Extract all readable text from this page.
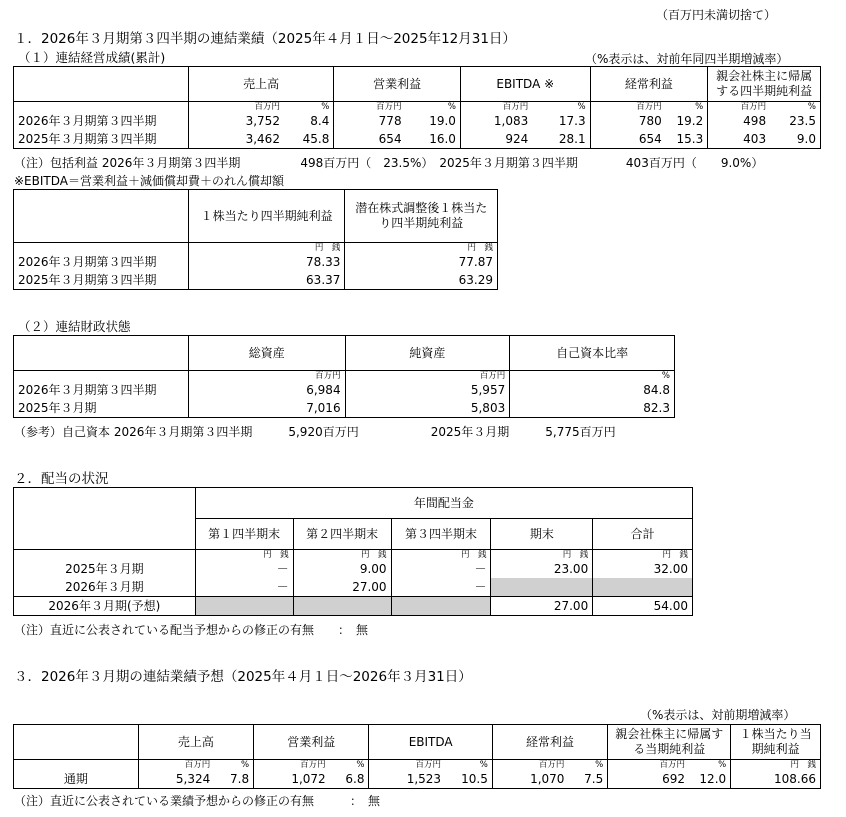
（百万円未満切捨て）
１．2026年３月期第３四半期の連結業績（2025年４月１日～2025年12月31日）
（１）連結経営成績(累計)	（%表示は、対前年同四半期増減率）
	売上高		営業利益		EBITDA ※		経常利益		親会社株主に帰属する四半期純利益	
	百万円	%	百万円	%	百万円	%	百万円	%	百万円	%
2026年３月期第３四半期	3,752	8.4	778	19.0	1,083	17.3	780	19.2	498	23.5
2025年３月期第３四半期	3,462	45.8	654	16.0	924	28.1	654	15.3	403	9.0
（注）包括利益 2026年３月期第３四半期　　　　　498百万円（　23.5%）　2025年３月期第３四半期　　　　403百万円（　　9.0%）
※EBITDA＝営業利益＋減価償却費＋のれん償却額
	１株当たり四半期純利益	潜在株式調整後１株当たり四半期純利益
	円　銭	円　銭
2026年３月期第３四半期	78.33	77.87
2025年３月期第３四半期	63.37	63.29
（２）連結財政状態
	総資産	純資産	自己資本比率
	百万円	百万円	%
2026年３月期第３四半期	6,984	5,957	84.8
2025年３月期	7,016	5,803	82.3
（参考）自己資本 2026年３月期第３四半期　　　5,920百万円　　　　　　2025年３月期　　　5,775百万円
２．配当の状況
	年間配当金				
	第１四半期末	第２四半期末	第３四半期末	期末	合計
	円　銭	円　銭	円　銭	円　銭	円　銭
2025年３月期	－	9.00	－	23.00	32.00
2026年３月期	－	27.00	－		
2026年３月期(予想)				27.00	54.00
（注）直近に公表されている配当予想からの修正の有無　　：　無
３．2026年３月期の連結業績予想（2025年４月１日～2026年３月31日）
（%表示は、対前期増減率）
	売上高		営業利益		EBITDA		経常利益		親会社株主に帰属する当期純利益		１株当たり当期純利益
	百万円	%	百万円	%	百万円	%	百万円	%	百万円	%	円　銭
通期	5,324	7.8	1,072	6.8	1,523	10.5	1,070	7.5	692	12.0	108.66
（注）直近に公表されている業績予想からの修正の有無　　　：　無
